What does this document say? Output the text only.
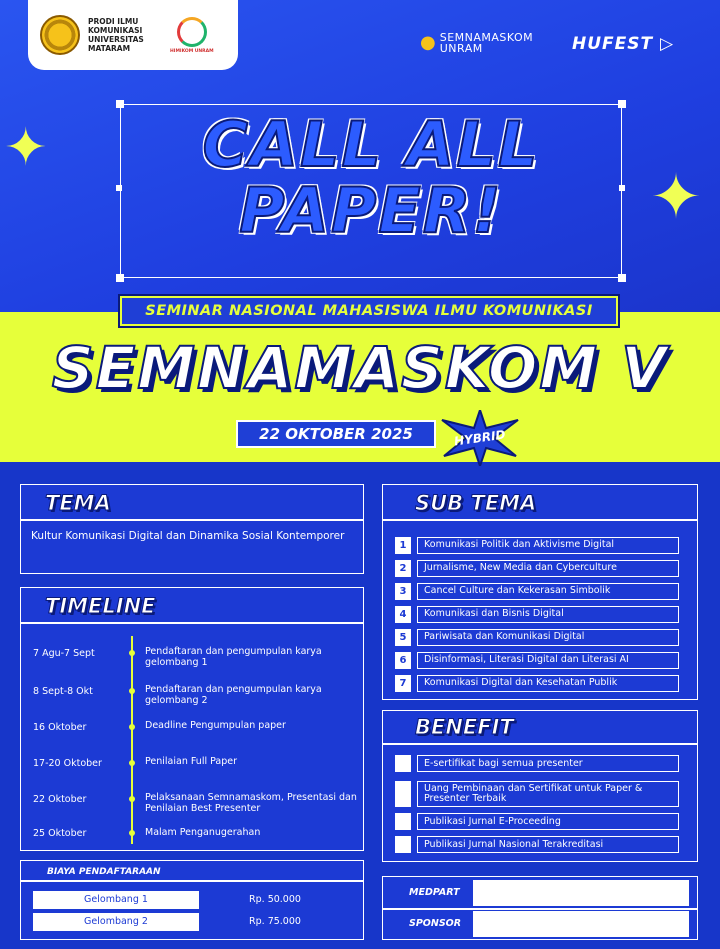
PRODI ILMU KOMUNIKASI UNIVERSITAS MATARAM	HIMIKOM UNRAM	● SEMNAMASKOM
UNRAM	HUFEST ▷
✦
✦
CALL ALL
PAPER!
SEMINAR NASIONAL MAHASISWA ILMU KOMUNIKASI
SEMNAMASKOM V
22 OKTOBER 2025	HYBRID
TEMA
Kultur Komunikasi Digital dan Dinamika Sosial Kontemporer
TIMELINE
7 Agu-7 Sept	Pendaftaran dan pengumpulan karya gelombang 1
8 Sept-8 Okt	Pendaftaran dan pengumpulan karya gelombang 2
16 Oktober	Deadline Pengumpulan paper
17-20 Oktober	Penilaian Full Paper
22 Oktober	Pelaksanaan Semnamaskom, Presentasi dan Penilaian Best Presenter
25 Oktober	Malam Penganugerahan
BIAYA PENDAFTARAAN
Gelombang 1	Rp. 50.000
Gelombang 2	Rp. 75.000
SUB TEMA
1	Komunikasi Politik dan Aktivisme Digital
2	Jurnalisme, New Media dan Cyberculture
3	Cancel Culture dan Kekerasan Simbolik
4	Komunikasi dan Bisnis Digital
5	Pariwisata dan Komunikasi Digital
6	Disinformasi, Literasi Digital dan Literasi AI
7	Komunikasi Digital dan Kesehatan Publik
BENEFIT
E-sertifikat bagi semua presenter
Uang Pembinaan dan Sertifikat untuk Paper & Presenter Terbaik
Publikasi Jurnal E-Proceeding
Publikasi Jurnal Nasional Terakreditasi
MEDPART
SPONSOR
